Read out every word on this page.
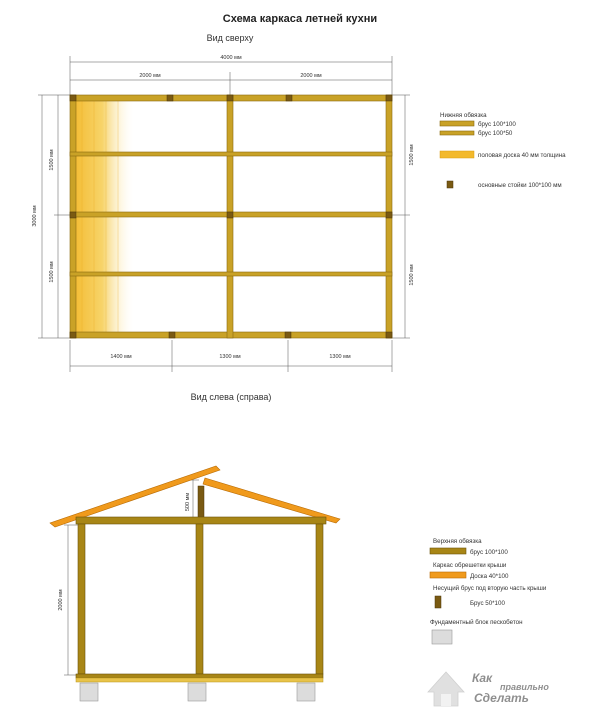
Схема каркаса летней кухни
Вид сверху
4000 мм
2000 мм	2000 мм
3000 мм
1500 мм
1500 мм
1500 мм
1500 мм
1400 мм	1300 мм	1300 мм
Нижняя обвязка
брус 100*100
брус 100*50
половая доска 40 мм толщина
основные стойки 100*100 мм
Вид слева (справа)
2000 мм
500 мм
Верхняя обвязка
брус 100*100
Каркас обрешетки крыши
Доска 40*100
Несущий брус под вторую часть крыши
Брус 50*100
Фундаментный блок пескобетон
Как
правильно
Сделать
